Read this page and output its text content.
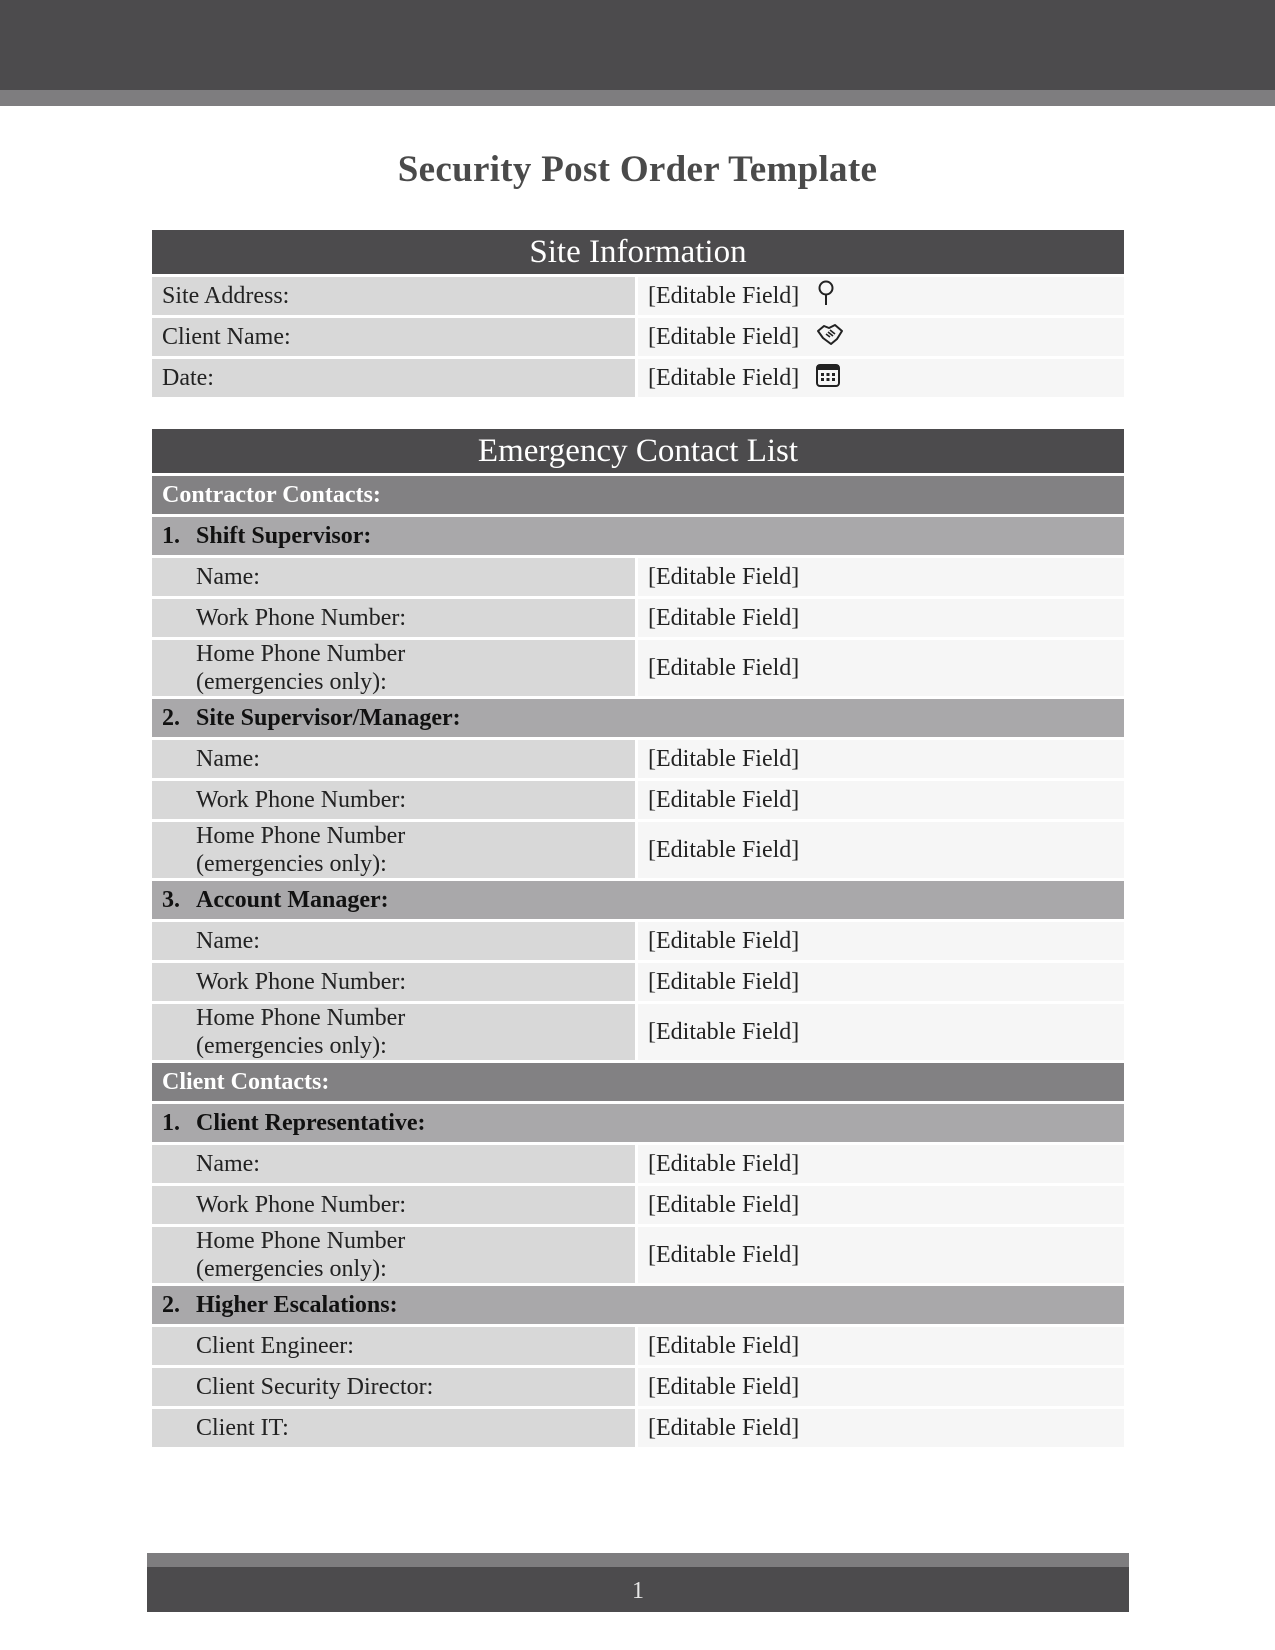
Security Post Order Template
Site Information	
Site Address:	[Editable Field]
Client Name:	[Editable Field]
Date:	[Editable Field]
Emergency Contact List	
Contractor Contacts:	
1. Shift Supervisor:	
Name:	[Editable Field]
Work Phone Number:	[Editable Field]
Home Phone Number
(emergencies only):	[Editable Field]
2. Site Supervisor/Manager:	
Name:	[Editable Field]
Work Phone Number:	[Editable Field]
Home Phone Number
(emergencies only):	[Editable Field]
3. Account Manager:	
Name:	[Editable Field]
Work Phone Number:	[Editable Field]
Home Phone Number
(emergencies only):	[Editable Field]
Client Contacts:	
1. Client Representative:	
Name:	[Editable Field]
Work Phone Number:	[Editable Field]
Home Phone Number
(emergencies only):	[Editable Field]
2. Higher Escalations:	
Client Engineer:	[Editable Field]
Client Security Director:	[Editable Field]
Client IT:	[Editable Field]
1
